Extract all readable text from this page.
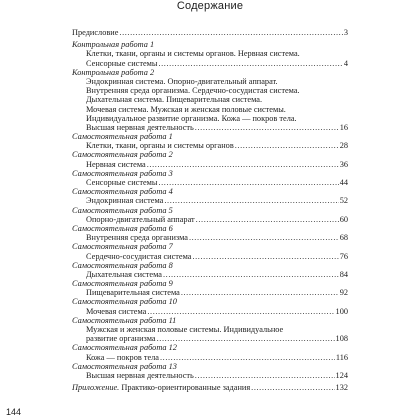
Содержание
Предисловие .....	3
Контрольная работа 1
Клетки, ткани, органы и системы органов. Нервная система.
Сенсорные системы .....	4
Контрольная работа 2
Эндокринная система. Опорно-двигательный аппарат.
Внутренняя среда организма. Сердечно-сосудистая система.
Дыхательная система. Пищеварительная система.
Мочевая система. Мужская и женская половые системы.
Индивидуальное развитие организма. Кожа — покров тела.
Высшая нервная деятельность .....	16
Самостоятельная работа 1
Клетки, ткани, органы и системы органов .....	28
Самостоятельная работа 2
Нервная система .....	36
Самостоятельная работа 3
Сенсорные системы .....	44
Самостоятельная работа 4
Эндокринная система .....	52
Самостоятельная работа 5
Опорно-двигательный аппарат .....	60
Самостоятельная работа 6
Внутренняя среда организма .....	68
Самостоятельная работа 7
Сердечно-сосудистая система .....	76
Самостоятельная работа 8
Дыхательная система .....	84
Самостоятельная работа 9
Пищеварительная система .....	92
Самостоятельная работа 10
Мочевая система .....	100
Самостоятельная работа 11
Мужская и женская половые системы. Индивидуальное
развитие организма .....	108
Самостоятельная работа 12
Кожа — покров тела .....	116
Самостоятельная работа 13
Высшая нервная деятельность .....	124
Приложение. Практико-ориентированные задания .....	132
144
